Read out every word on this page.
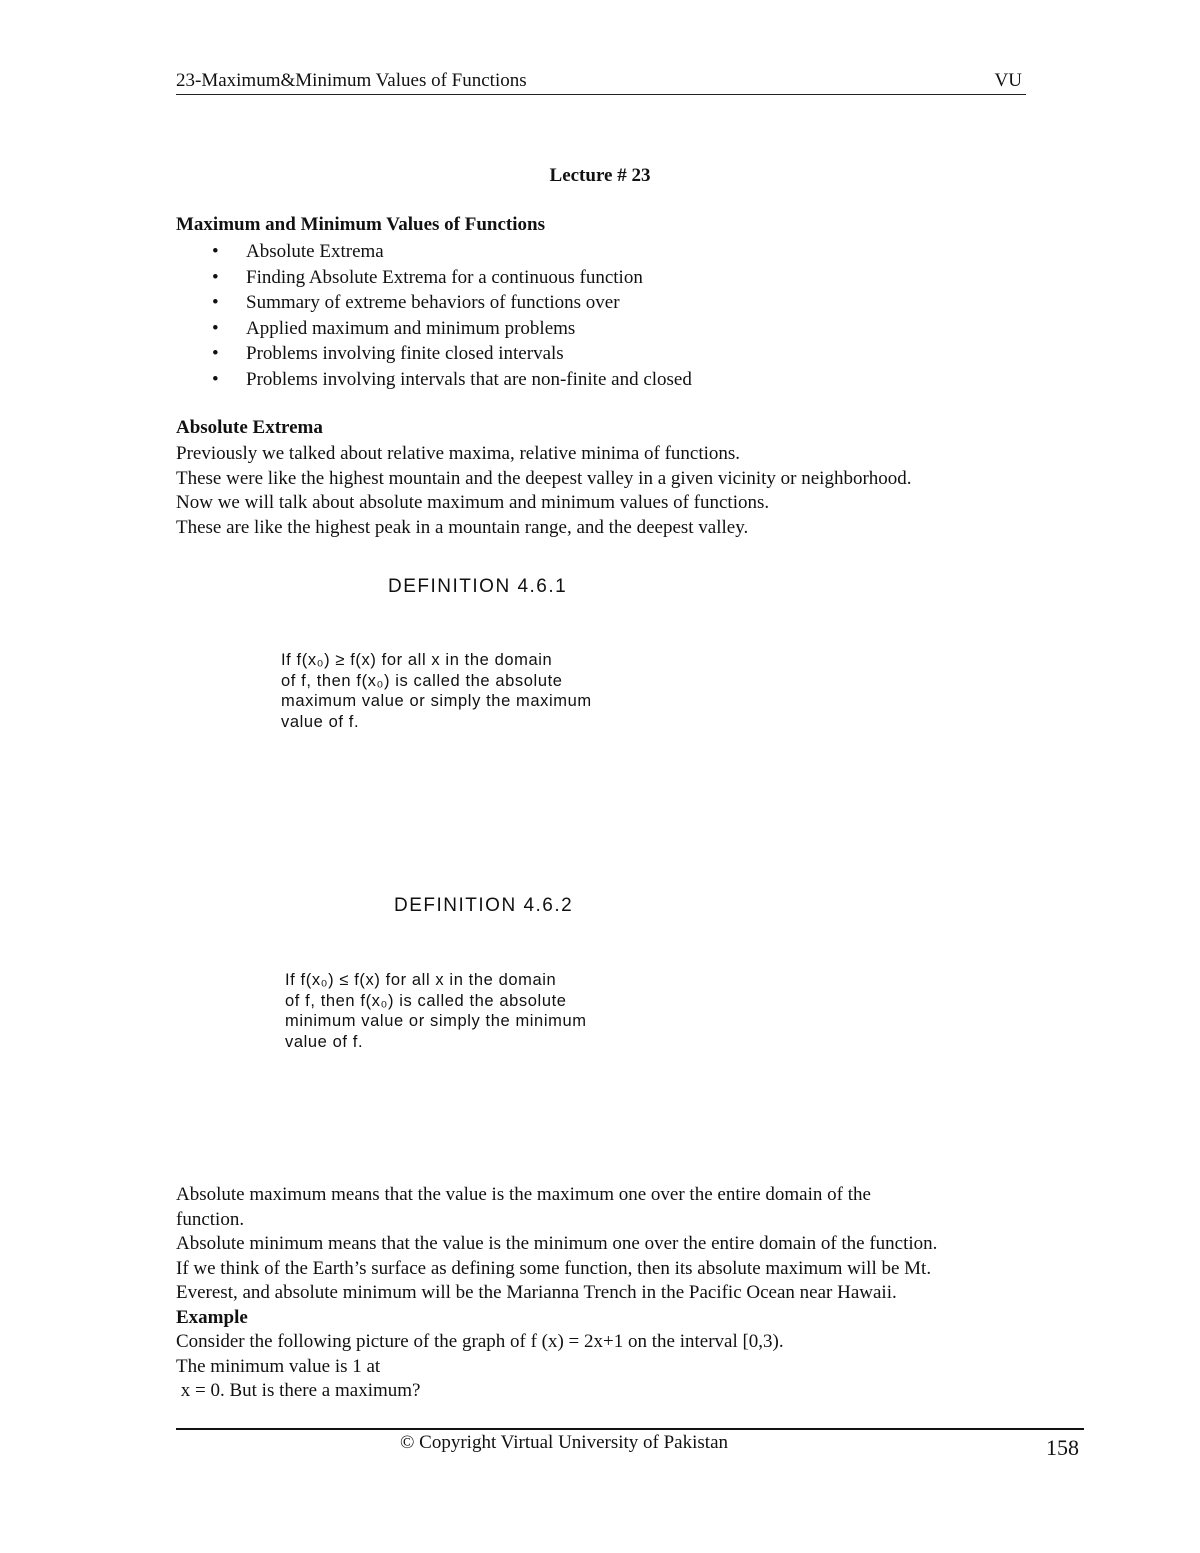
23-Maximum&Minimum Values of Functions	VU
Lecture # 23
Maximum and Minimum Values of Functions
• Absolute Extrema
• Finding Absolute Extrema for a continuous function
• Summary of extreme behaviors of functions over
• Applied maximum and minimum problems
• Problems involving finite closed intervals
• Problems involving intervals that are non-finite and closed
Absolute Extrema
Previously we talked about relative maxima, relative minima of functions.
These were like the highest mountain and the deepest valley in a given vicinity or neighborhood.
Now we will talk about absolute maximum and minimum values of functions.
These are like the highest peak in a mountain range, and the deepest valley.
DEFINITION 4.6.1
If f(x₀) ≥ f(x) for all x in the domain
of f, then f(x₀) is called the absolute
maximum value or simply the maximum
value of f.
DEFINITION 4.6.2
If f(x₀) ≤ f(x) for all x in the domain
of f, then f(x₀) is called the absolute
minimum value or simply the minimum
value of f.
Absolute maximum means that the value is the maximum one over the entire domain of the
function.
Absolute minimum means that the value is the minimum one over the entire domain of the function.
If we think of the Earth’s surface as defining some function, then its absolute maximum will be Mt.
Everest, and absolute minimum will be the Marianna Trench in the Pacific Ocean near Hawaii.
Example
Consider the following picture of the graph of f (x) = 2x+1 on the interval [0,3).
The minimum value is 1 at
x = 0. But is there a maximum?
© Copyright Virtual University of Pakistan	158
